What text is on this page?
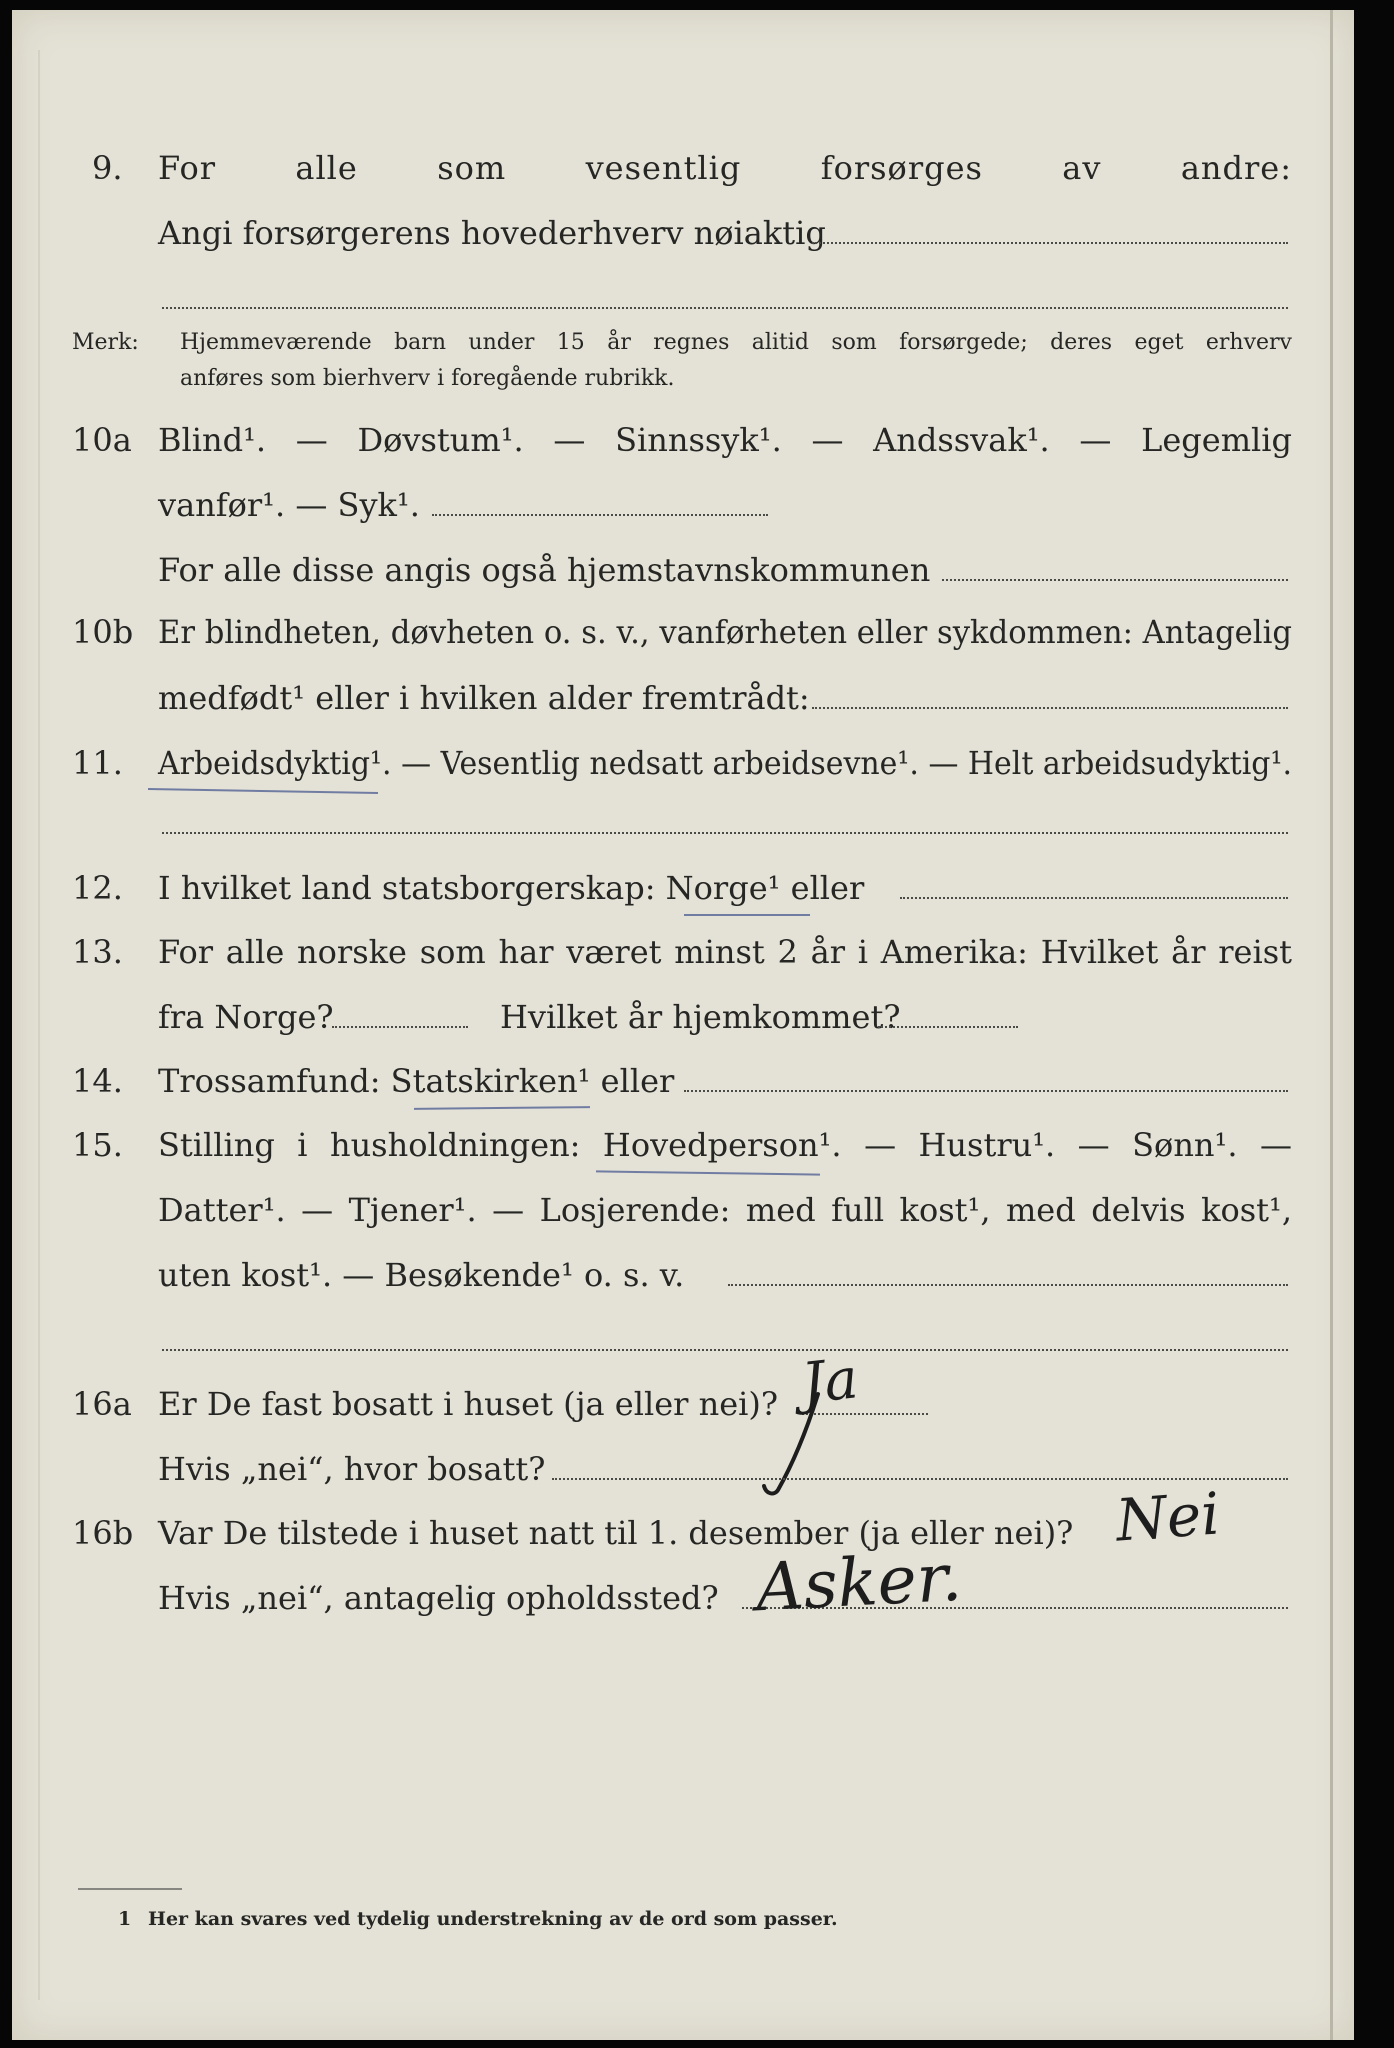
9. For alle som vesentlig forsørges av andre:
Angi forsørgerens hovederhverv nøiaktig
Merk: Hjemmeværende barn under 15 år regnes alitid som forsørgede; deres eget erhverv
anføres som bierhverv i foregående rubrikk.
10a Blind¹. — Døvstum¹. — Sinnssyk¹. — Andssvak¹. — Legemlig
vanfør¹. — Syk¹.
For alle disse angis også hjemstavnskommunen
10b Er blindheten, døvheten o. s. v., vanførheten eller sykdommen: Antagelig
medfødt¹ eller i hvilken alder fremtrådt:
11. Arbeidsdyktig¹. — Vesentlig nedsatt arbeidsevne¹. — Helt arbeidsudyktig¹.
12. I hvilket land statsborgerskap: Norge¹ eller
13. For alle norske som har været minst 2 år i Amerika: Hvilket år reist
fra Norge?	Hvilket år hjemkommet?
14. Trossamfund: Statskirken¹ eller
15. Stilling i husholdningen: Hovedperson¹. — Hustru¹. — Sønn¹. —
Datter¹. — Tjener¹. — Losjerende: med full kost¹, med delvis kost¹,
uten kost¹. — Besøkende¹ o. s. v.
16a Er De fast bosatt i huset (ja eller nei)? Ja
Hvis „nei“, hvor bosatt?
16b Var De tilstede i huset natt til 1. desember (ja eller nei)? Nei
Hvis „nei“, antagelig opholdssted? Asker.
1 Her kan svares ved tydelig understrekning av de ord som passer.
